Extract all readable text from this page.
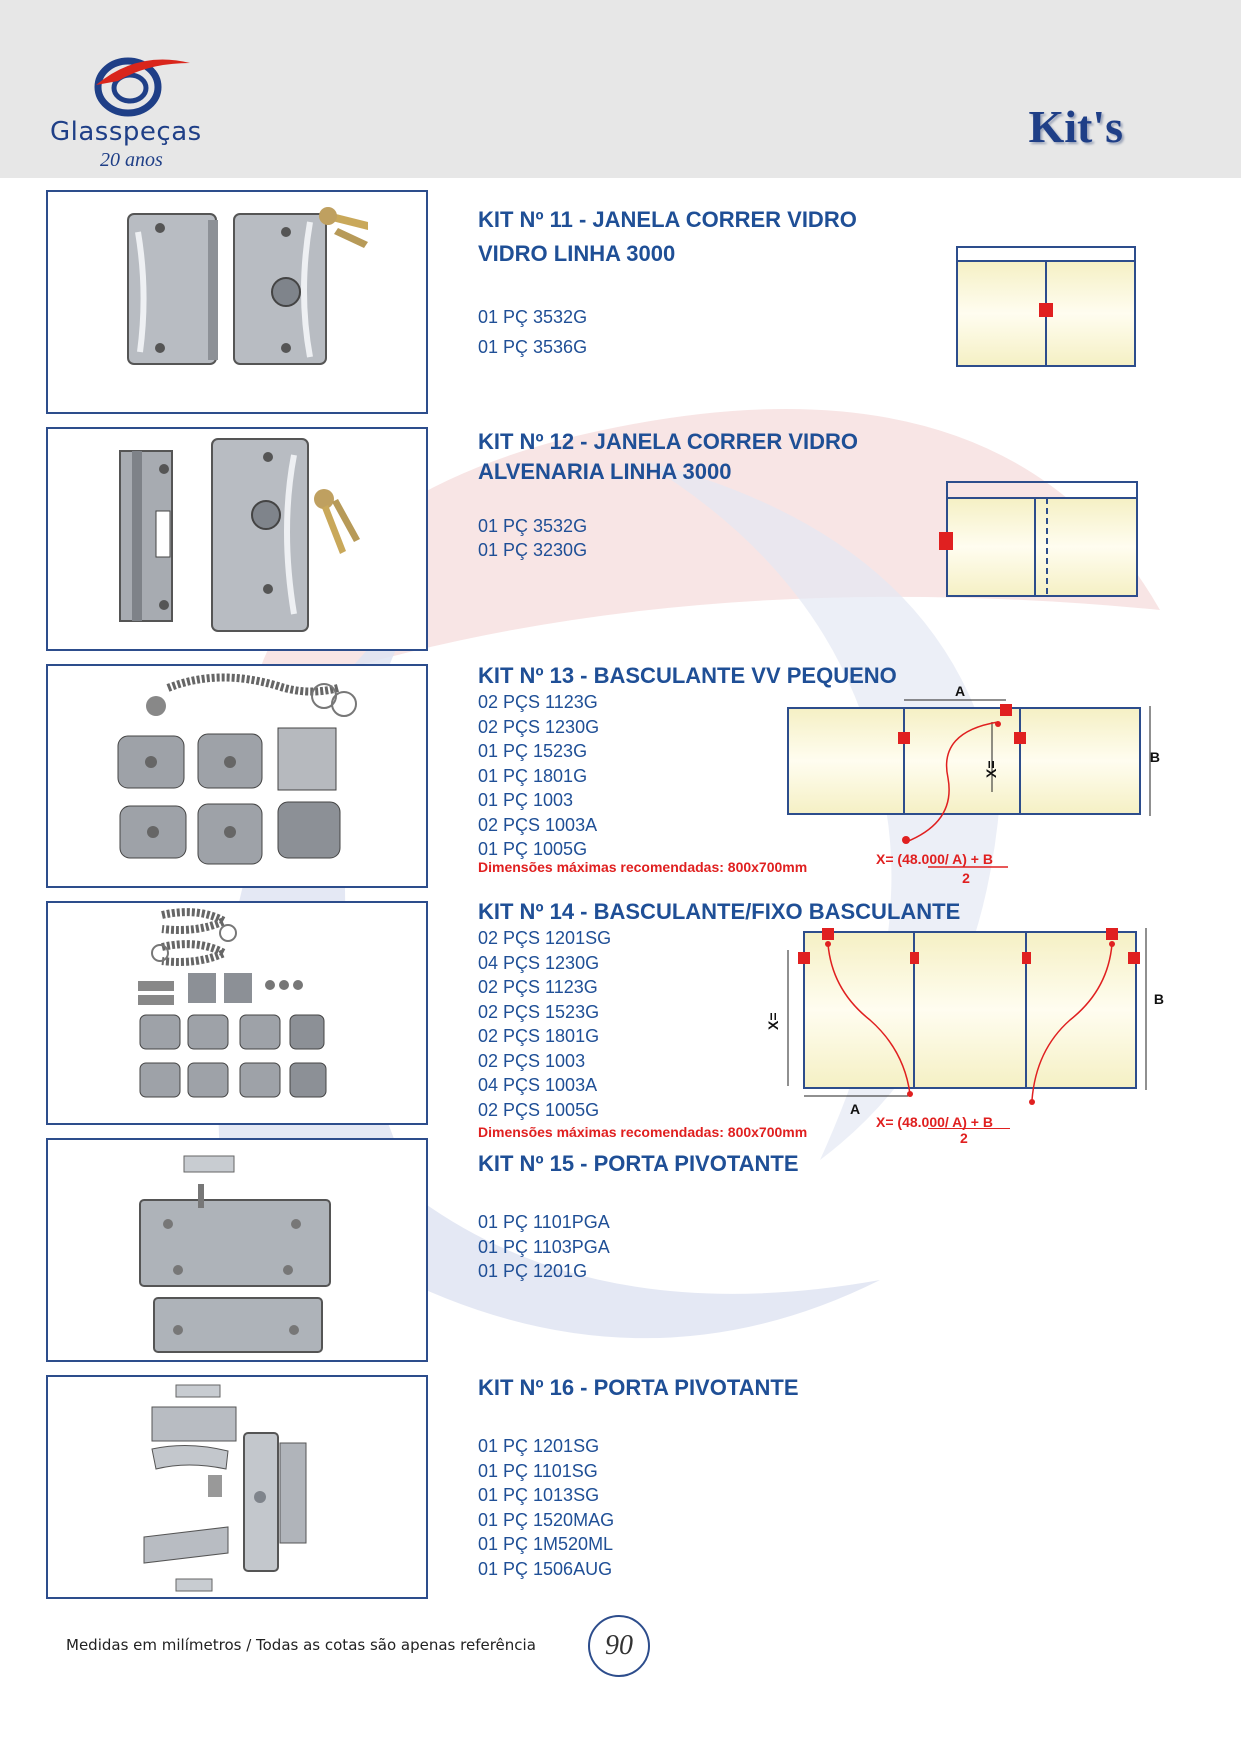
Glasspeças
20 anos
Kit's
KIT Nº 11 - JANELA CORRER VIDRO
VIDRO LINHA 3000
01 PÇ 3532G
01 PÇ 3536G
KIT Nº 12 - JANELA CORRER VIDRO
ALVENARIA LINHA 3000
01 PÇ 3532G
01 PÇ 3230G
KIT Nº 13 - BASCULANTE VV PEQUENO
02 PÇS 1123G
02 PÇS 1230G
01 PÇ 1523G
01 PÇ 1801G
01 PÇ 1003
02 PÇS 1003A
01 PÇ 1005G
Dimensões máximas recomendadas: 800x700mm
A
B
X=
X= (48.000/ A) + B
2
KIT Nº 14 - BASCULANTE/FIXO BASCULANTE
02 PÇS 1201SG
04 PÇS 1230G
02 PÇS 1123G
02 PÇS 1523G
02 PÇS 1801G
02 PÇS 1003
04 PÇS 1003A
02 PÇS 1005G
Dimensões máximas recomendadas: 800x700mm
A
B
X=
X= (48.000/ A) + B
2
KIT Nº 15 - PORTA PIVOTANTE
01 PÇ 1101PGA
01 PÇ 1103PGA
01 PÇ 1201G
KIT Nº 16 - PORTA PIVOTANTE
01 PÇ 1201SG
01 PÇ 1101SG
01 PÇ 1013SG
01 PÇ 1520MAG
01 PÇ 1M520ML
01 PÇ 1506AUG
Medidas em milímetros / Todas as cotas são apenas referência	90
